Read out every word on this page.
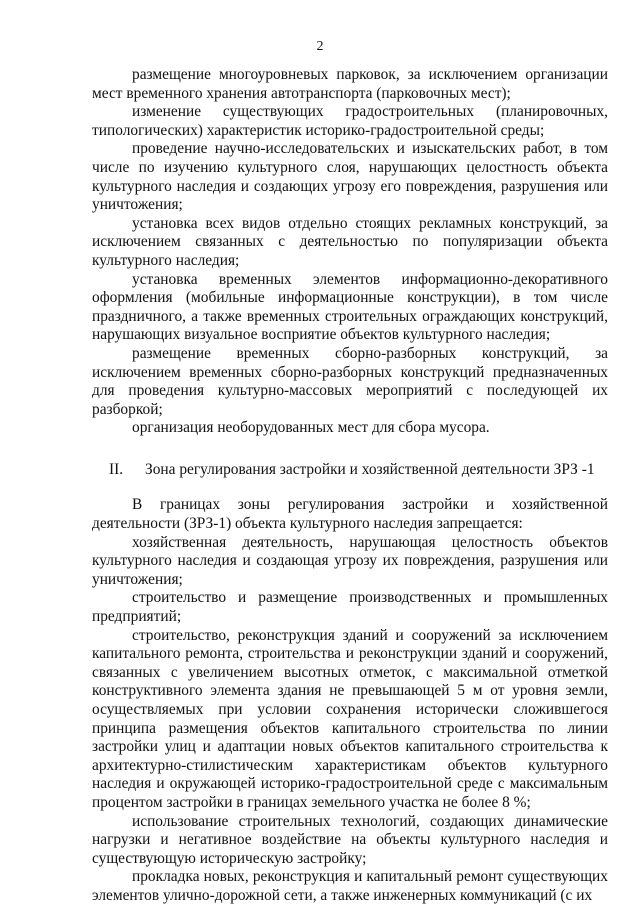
2

размещение многоуровневых парковок, за исключением организации мест временного хранения автотранспорта (парковочных мест);

изменение существующих градостроительных (планировочных, типологических) характеристик историко-градостроительной среды;

проведение научно-исследовательских и изыскательских работ, в том числе по изучению культурного слоя, нарушающих целостность объекта культурного наследия и создающих угрозу его повреждения, разрушения или уничтожения;

установка всех видов отдельно стоящих рекламных конструкций, за исключением связанных с деятельностью по популяризации объекта культурного наследия;

установка временных элементов информационно-декоративного оформления (мобильные информационные конструкции), в том числе праздничного, а также временных строительных ограждающих конструкций, нарушающих визуальное восприятие объектов культурного наследия;

размещение временных сборно-разборных конструкций, за исключением временных сборно-разборных конструкций предназначенных для проведения культурно-массовых мероприятий с последующей их разборкой;

организация необорудованных мест для сбора мусора.

II.	Зона регулирования застройки и хозяйственной деятельности ЗРЗ -1

В границах зоны регулирования застройки и хозяйственной деятельности (ЗРЗ-1) объекта культурного наследия запрещается:

хозяйственная деятельность, нарушающая целостность объектов культурного наследия и создающая угрозу их повреждения, разрушения или уничтожения;

строительство и размещение производственных и промышленных предприятий;

строительство, реконструкция зданий и сооружений за исключением капитального ремонта, строительства и реконструкции зданий и сооружений, связанных с увеличением высотных отметок, с максимальной отметкой конструктивного элемента здания не превышающей 5 м от уровня земли, осуществляемых при условии сохранения исторически сложившегося принципа размещения объектов капитального строительства по линии застройки улиц и адаптации новых объектов капитального строительства к архитектурно-стилистическим характеристикам объектов культурного наследия и окружающей историко-градостроительной среде с максимальным процентом застройки в границах земельного участка не более 8 %;

использование строительных технологий, создающих динамические нагрузки и негативное воздействие на объекты культурного наследия и существующую историческую застройку;

прокладка новых, реконструкция и капитальный ремонт существующих элементов улично-дорожной сети, а также инженерных коммуникаций (с их
